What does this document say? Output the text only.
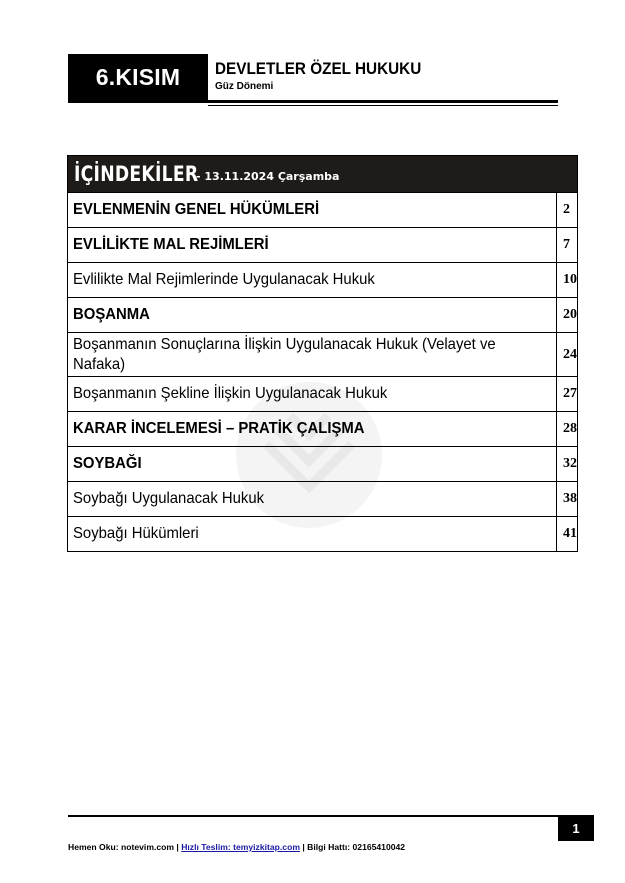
6.KISIM	DEVLETLER ÖZEL HUKUKU
Güz Dönemi
İÇİNDEKİLER
- 13.11.2024 Çarşamba	

EVLENMENİN GENEL HÜKÜMLERİ	2
EVLİLİKTE MAL REJİMLERİ	7
Evlilikte Mal Rejimlerinde Uygulanacak Hukuk	10
BOŞANMA	20
Boşanmanın Sonuçlarına İlişkin Uygulanacak Hukuk (Velayet ve Nafaka)	24
Boşanmanın Şekline İlişkin Uygulanacak Hukuk	27
KARAR İNCELEMESİ – PRATİK ÇALIŞMA	28
SOYBAĞI	32
Soybağı Uygulanacak Hukuk	38
Soybağı Hükümleri	41
1
Hemen Oku: notevim.com | Hızlı Teslim: temyizkitap.com | Bilgi Hattı: 02165410042
